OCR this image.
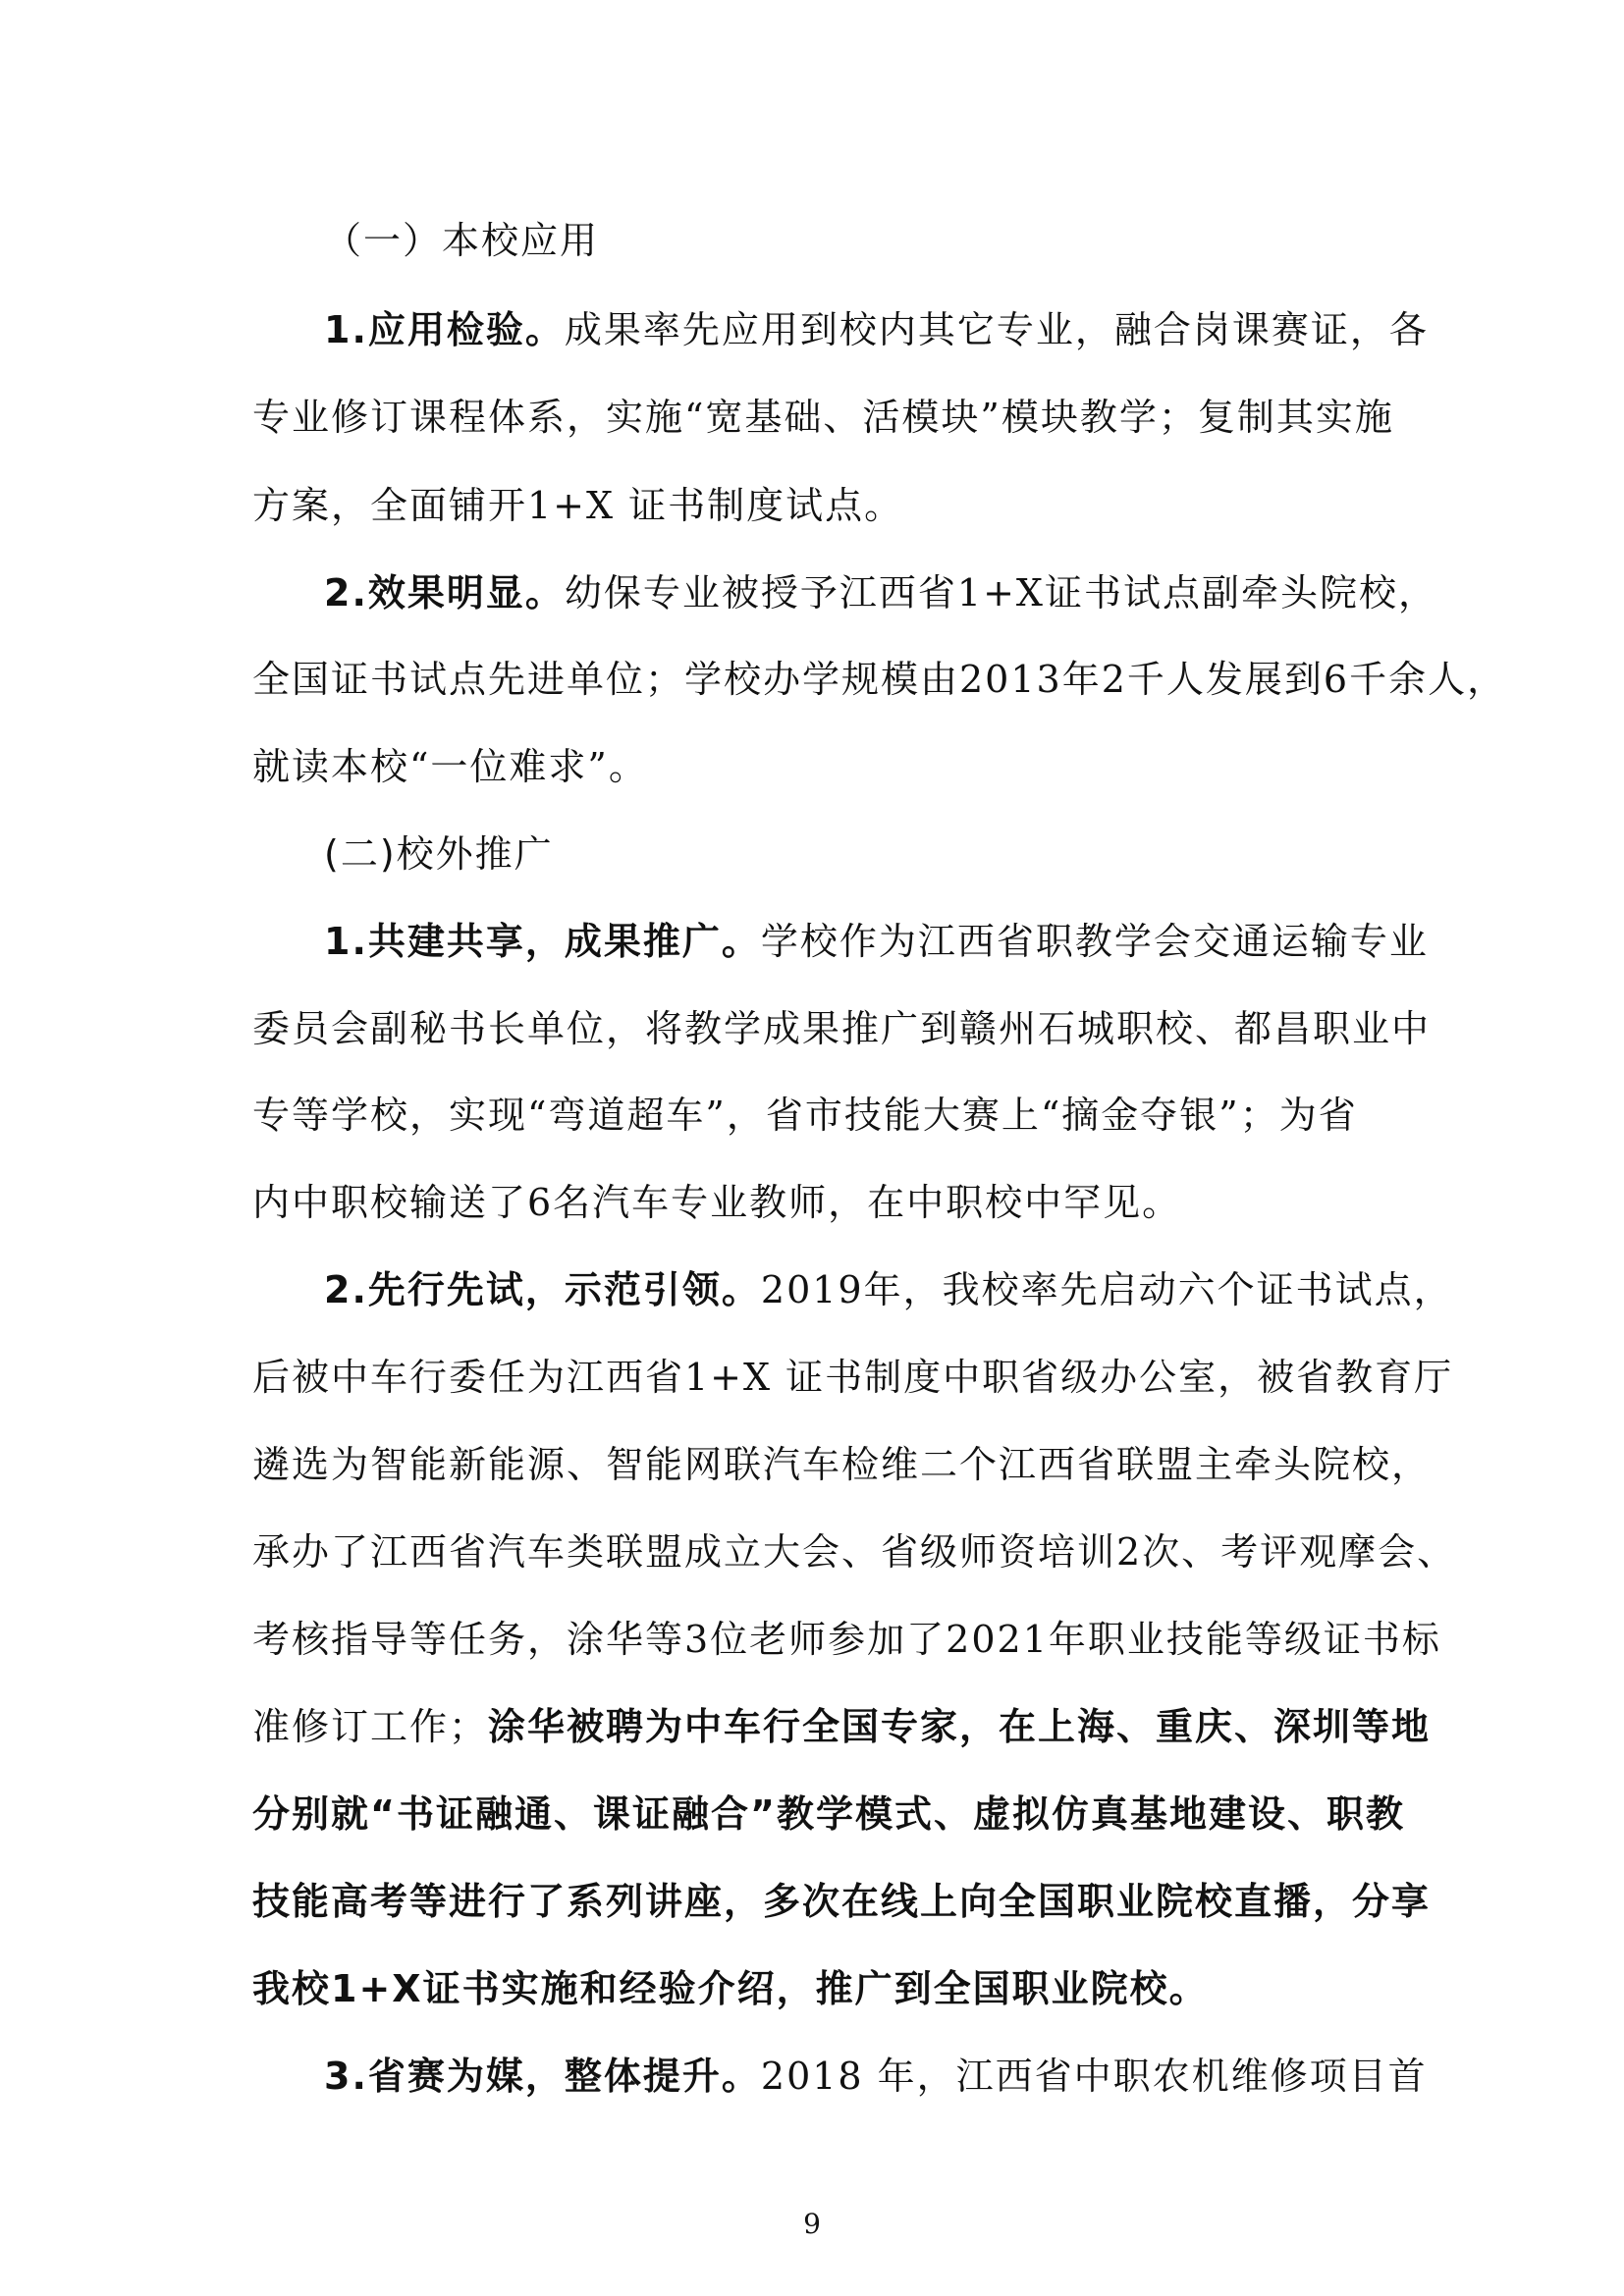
（一）本校应用
1.应用检验。成果率先应用到校内其它专业，融合岗课赛证，各
专业修订课程体系，实施“宽基础、活模块”模块教学；复制其实施
方案，全面铺开1+X 证书制度试点。
2.效果明显。幼保专业被授予江西省1+X证书试点副牵头院校，
全国证书试点先进单位；学校办学规模由2013年2千人发展到6千余人，
就读本校“一位难求”。
(二)校外推广
1.共建共享，成果推广。学校作为江西省职教学会交通运输专业
委员会副秘书长单位，将教学成果推广到赣州石城职校、都昌职业中
专等学校，实现“弯道超车”，省市技能大赛上“摘金夺银”；为省
内中职校输送了6名汽车专业教师，在中职校中罕见。
2.先行先试，示范引领。2019年，我校率先启动六个证书试点，
后被中车行委任为江西省1+X 证书制度中职省级办公室，被省教育厅
遴选为智能新能源、智能网联汽车检维二个江西省联盟主牵头院校，
承办了江西省汽车类联盟成立大会、省级师资培训2次、考评观摩会、
考核指导等任务，涂华等3位老师参加了2021年职业技能等级证书标
准修订工作；涂华被聘为中车行全国专家，在上海、重庆、深圳等地
分别就“书证融通、课证融合”教学模式、虚拟仿真基地建设、职教
技能高考等进行了系列讲座，多次在线上向全国职业院校直播，分享
我校1+X证书实施和经验介绍，推广到全国职业院校。
3.省赛为媒，整体提升。2018 年，江西省中职农机维修项目首
9
